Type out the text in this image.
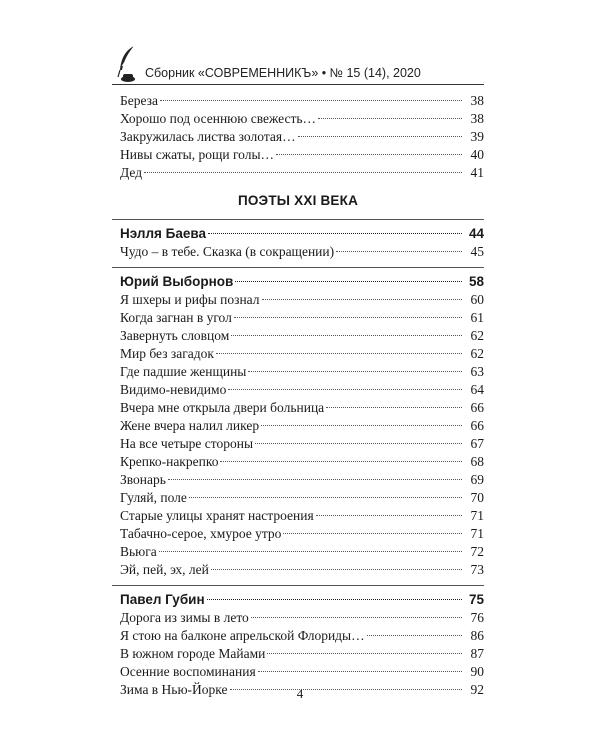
Сборник «СОВРЕМЕННИКЪ» • № 15 (14), 2020
Береза	38
Хорошо под осеннюю свежесть…	38
Закружилась листва золотая…	39
Нивы сжаты, рощи голы…	40
Дед	41
ПОЭТЫ XXI ВЕКА
Нэлля Баева	44
Чудо – в тебе. Сказка (в сокращении)	45
Юрий Выборнов	58
Я шхеры и рифы познал	60
Когда загнан в угол	61
Завернуть словцом	62
Мир без загадок	62
Где падшие женщины	63
Видимо-невидимо	64
Вчера мне открыла двери больница	66
Жене вчера налил ликер	66
На все четыре стороны	67
Крепко-накрепко	68
Звонарь	69
Гуляй, поле	70
Старые улицы хранят настроения	71
Табачно-серое, хмурое утро	71
Вьюга	72
Эй, пей, эх, лей	73
Павел Губин	75
Дорога из зимы в лето	76
Я стою на балконе апрельской Флориды…	86
В южном городе Майами	87
Осенние воспоминания	90
Зима в Нью-Йорке	92
4
